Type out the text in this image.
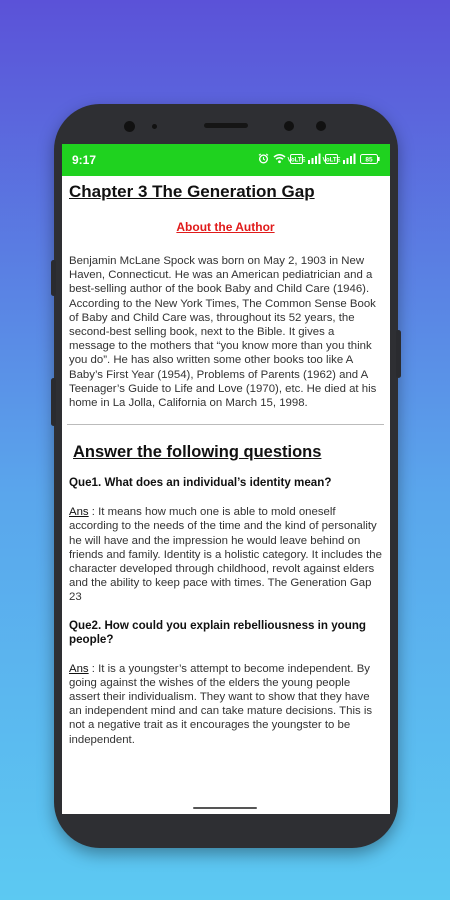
9:17	VoLTE	VoLTE	85
Chapter 3 The Generation Gap
About the Author

Benjamin McLane Spock was born on May 2, 1903 in New Haven, Connecticut. He was an American pediatrician and a best-selling author of the book Baby and Child Care (1946). According to the New York Times, The Common Sense Book of Baby and Child Care was, throughout its 52 years, the second-best selling book, next to the Bible. It gives a message to the mothers that “you know more than you think you do”. He has also written some other books too like A Baby’s First Year (1954), Problems of Parents (1962) and A Teenager’s Guide to Life and Love (1970), etc. He died at his home in La Jolla, California on March 15, 1998.

Answer the following questions

Que1. What does an individual’s identity mean?

Ans : It means how much one is able to mold oneself according to the needs of the time and the kind of personality he will have and the impression he would leave behind on friends and family. Identity is a holistic category. It includes the character developed through childhood, revolt against elders and the ability to keep pace with times. The Generation Gap 23

Que2. How could you explain rebelliousness in young people?

Ans : It is a youngster’s attempt to become independent. By going against the wishes of the elders the young people assert their individualism. They want to show that they have an independent mind and can take mature decisions. This is not a negative trait as it encourages the youngster to be independent.
